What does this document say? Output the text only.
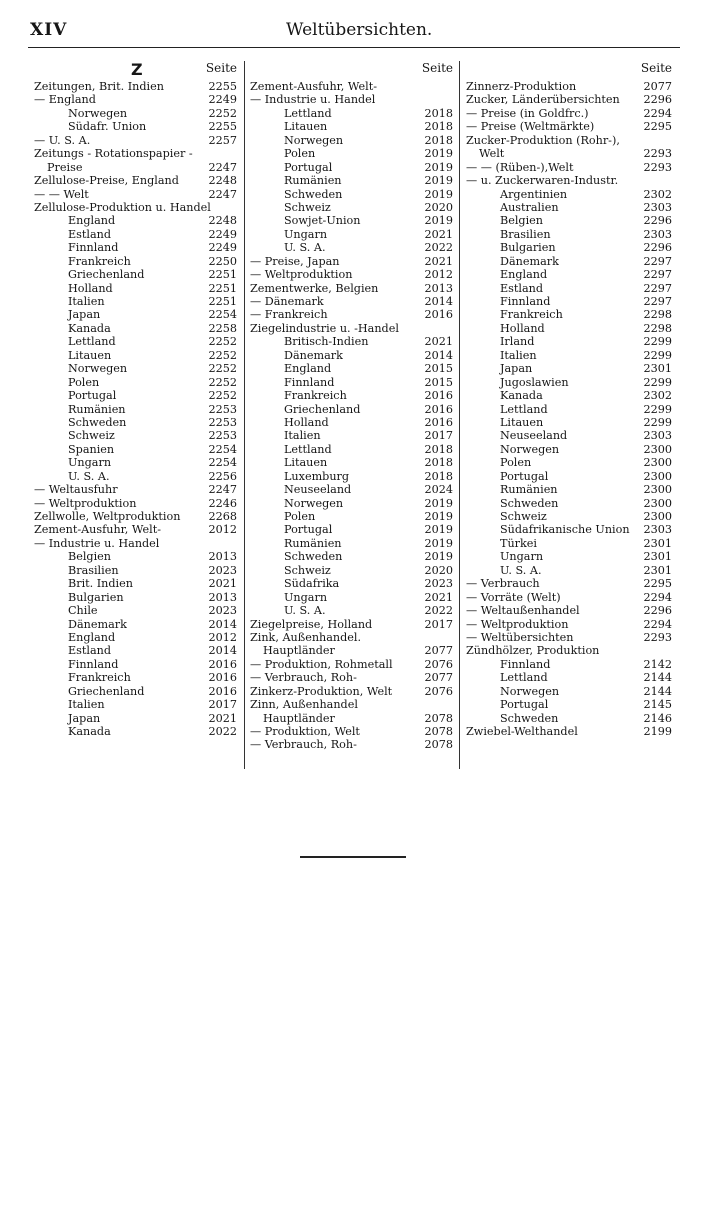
XIV	Weltübersichten.
Z	Seite
Zeitungen, Brit. Indien	2255
— England	2249
Norwegen	2252
Südafr. Union	2255
— U. S. A.	2257
Zeitungs - Rotationspapier -
Preise	2247
Zellulose-Preise, England	2248
— — Welt	2247
Zellulose-Produktion u. Handel
England	2248
Estland	2249
Finnland	2249
Frankreich	2250
Griechenland	2251
Holland	2251
Italien	2251
Japan	2254
Kanada	2258
Lettland	2252
Litauen	2252
Norwegen	2252
Polen	2252
Portugal	2252
Rumänien	2253
Schweden	2253
Schweiz	2253
Spanien	2254
Ungarn	2254
U. S. A.	2256
— Weltausfuhr	2247
— Weltproduktion	2246
Zellwolle, Weltproduktion	2268
Zement-Ausfuhr, Welt-	2012
— Industrie u. Handel
Belgien	2013
Brasilien	2023
Brit. Indien	2021
Bulgarien	2013
Chile	2023
Dänemark	2014
England	2012
Estland	2014
Finnland	2016
Frankreich	2016
Griechenland	2016
Italien	2017
Japan	2021
Kanada	2022
Seite
Zement-Ausfuhr, Welt-
— Industrie u. Handel
Lettland	2018
Litauen	2018
Norwegen	2018
Polen	2019
Portugal	2019
Rumänien	2019
Schweden	2019
Schweiz	2020
Sowjet-Union	2019
Ungarn	2021
U. S. A.	2022
— Preise, Japan	2021
— Weltproduktion	2012
Zementwerke, Belgien	2013
— Dänemark	2014
— Frankreich	2016
Ziegelindustrie u. -Handel
Britisch-Indien	2021
Dänemark	2014
England	2015
Finnland	2015
Frankreich	2016
Griechenland	2016
Holland	2016
Italien	2017
Lettland	2018
Litauen	2018
Luxemburg	2018
Neuseeland	2024
Norwegen	2019
Polen	2019
Portugal	2019
Rumänien	2019
Schweden	2019
Schweiz	2020
Südafrika	2023
Ungarn	2021
U. S. A.	2022
Ziegelpreise, Holland	2017
Zink, Außenhandel.
Hauptländer	2077
— Produktion, Rohmetall	2076
— Verbrauch, Roh-	2077
Zinkerz-Produktion, Welt	2076
Zinn, Außenhandel
Hauptländer	2078
— Produktion, Welt	2078
— Verbrauch, Roh-	2078
Seite
Zinnerz-Produktion	2077
Zucker, Länderübersichten 2296
— Preise (in Goldfrc.)	2294
— Preise (Weltmärkte)	2295
Zucker-Produktion (Rohr-),
Welt	2293
— — (Rüben-),Welt	2293
— u. Zuckerwaren-Industr.
Argentinien	2302
Australien	2303
Belgien	2296
Brasilien	2303
Bulgarien	2296
Dänemark	2297
England	2297
Estland	2297
Finnland	2297
Frankreich	2298
Holland	2298
Irland	2299
Italien	2299
Japan	2301
Jugoslawien	2299
Kanada	2302
Lettland	2299
Litauen	2299
Neuseeland	2303
Norwegen	2300
Polen	2300
Portugal	2300
Rumänien	2300
Schweden	2300
Schweiz	2300
Südafrikanische Union 2303
Türkei	2301
Ungarn	2301
U. S. A.	2301
— Verbrauch	2295
— Vorräte (Welt)	2294
— Weltaußenhandel	2296
— Weltproduktion	2294
— Weltübersichten	2293
Zündhölzer, Produktion
Finnland	2142
Lettland	2144
Norwegen	2144
Portugal	2145
Schweden	2146
Zwiebel-Welthandel	2199
